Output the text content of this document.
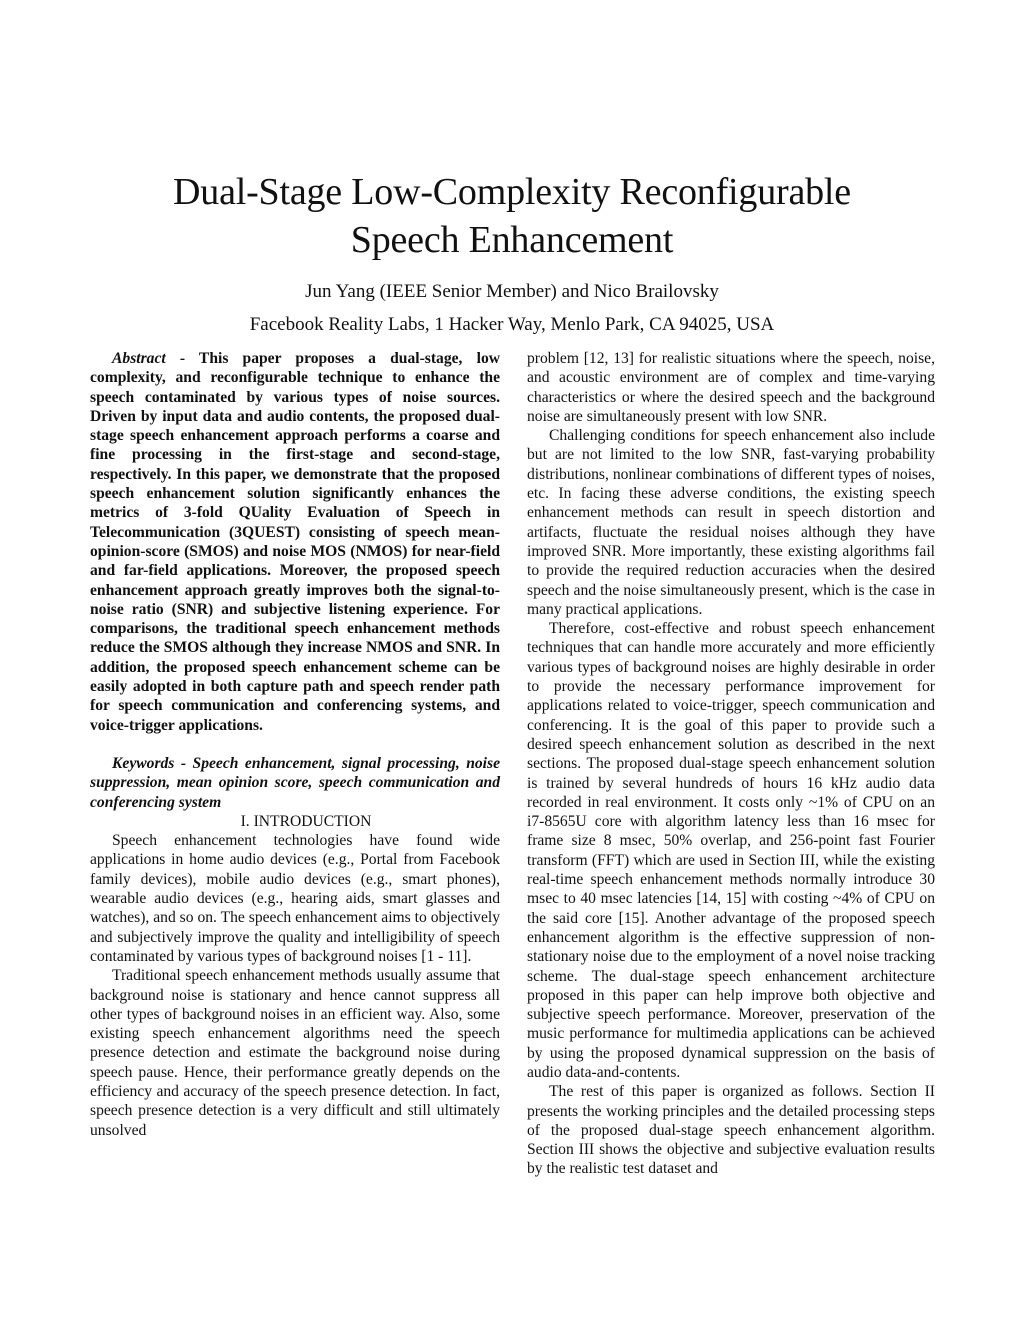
Dual-Stage Low-Complexity Reconfigurable
Speech Enhancement
Jun Yang (IEEE Senior Member) and Nico Brailovsky
Facebook Reality Labs, 1 Hacker Way, Menlo Park, CA 94025, USA

Abstract - This paper proposes a dual-stage, low complexity, and reconfigurable technique to enhance the speech contaminated by various types of noise sources. Driven by input data and audio contents, the proposed dual-stage speech enhancement approach performs a coarse and fine processing in the first-stage and second-stage, respectively. In this paper, we demonstrate that the proposed speech enhancement solution significantly enhances the metrics of 3-fold QUality Evaluation of Speech in Telecommunication (3QUEST) consisting of speech mean-opinion-score (SMOS) and noise MOS (NMOS) for near-field and far-field applications. Moreover, the proposed speech enhancement approach greatly improves both the signal-to-noise ratio (SNR) and subjective listening experience. For comparisons, the traditional speech enhancement methods reduce the SMOS although they increase NMOS and SNR. In addition, the proposed speech enhancement scheme can be easily adopted in both capture path and speech render path for speech communication and conferencing systems, and voice-trigger applications.

Keywords - Speech enhancement, signal processing, noise suppression, mean opinion score, speech communication and conferencing system

I. INTRODUCTION

Speech enhancement technologies have found wide applications in home audio devices (e.g., Portal from Facebook family devices), mobile audio devices (e.g., smart phones), wearable audio devices (e.g., hearing aids, smart glasses and watches), and so on. The speech enhancement aims to objectively and subjectively improve the quality and intelligibility of speech contaminated by various types of background noises [1 - 11].

Traditional speech enhancement methods usually assume that background noise is stationary and hence cannot suppress all other types of background noises in an efficient way. Also, some existing speech enhancement algorithms need the speech presence detection and estimate the background noise during speech pause. Hence, their performance greatly depends on the efficiency and accuracy of the speech presence detection. In fact, speech presence detection is a very difficult and still ultimately unsolved

problem [12, 13] for realistic situations where the speech, noise, and acoustic environment are of complex and time-varying characteristics or where the desired speech and the background noise are simultaneously present with low SNR.

Challenging conditions for speech enhancement also include but are not limited to the low SNR, fast-varying probability distributions, nonlinear combinations of different types of noises, etc. In facing these adverse conditions, the existing speech enhancement methods can result in speech distortion and artifacts, fluctuate the residual noises although they have improved SNR. More importantly, these existing algorithms fail to provide the required reduction accuracies when the desired speech and the noise simultaneously present, which is the case in many practical applications.

Therefore, cost-effective and robust speech enhancement techniques that can handle more accurately and more efficiently various types of background noises are highly desirable in order to provide the necessary performance improvement for applications related to voice-trigger, speech communication and conferencing. It is the goal of this paper to provide such a desired speech enhancement solution as described in the next sections. The proposed dual-stage speech enhancement solution is trained by several hundreds of hours 16 kHz audio data recorded in real environment. It costs only ~1% of CPU on an i7-8565U core with algorithm latency less than 16 msec for frame size 8 msec, 50% overlap, and 256-point fast Fourier transform (FFT) which are used in Section III, while the existing real-time speech enhancement methods normally introduce 30 msec to 40 msec latencies [14, 15] with costing ~4% of CPU on the said core [15]. Another advantage of the proposed speech enhancement algorithm is the effective suppression of non-stationary noise due to the employment of a novel noise tracking scheme. The dual-stage speech enhancement architecture proposed in this paper can help improve both objective and subjective speech performance. Moreover, preservation of the music performance for multimedia applications can be achieved by using the proposed dynamical suppression on the basis of audio data-and-contents.

The rest of this paper is organized as follows. Section II presents the working principles and the detailed processing steps of the proposed dual-stage speech enhancement algorithm. Section III shows the objective and subjective evaluation results by the realistic test dataset and
